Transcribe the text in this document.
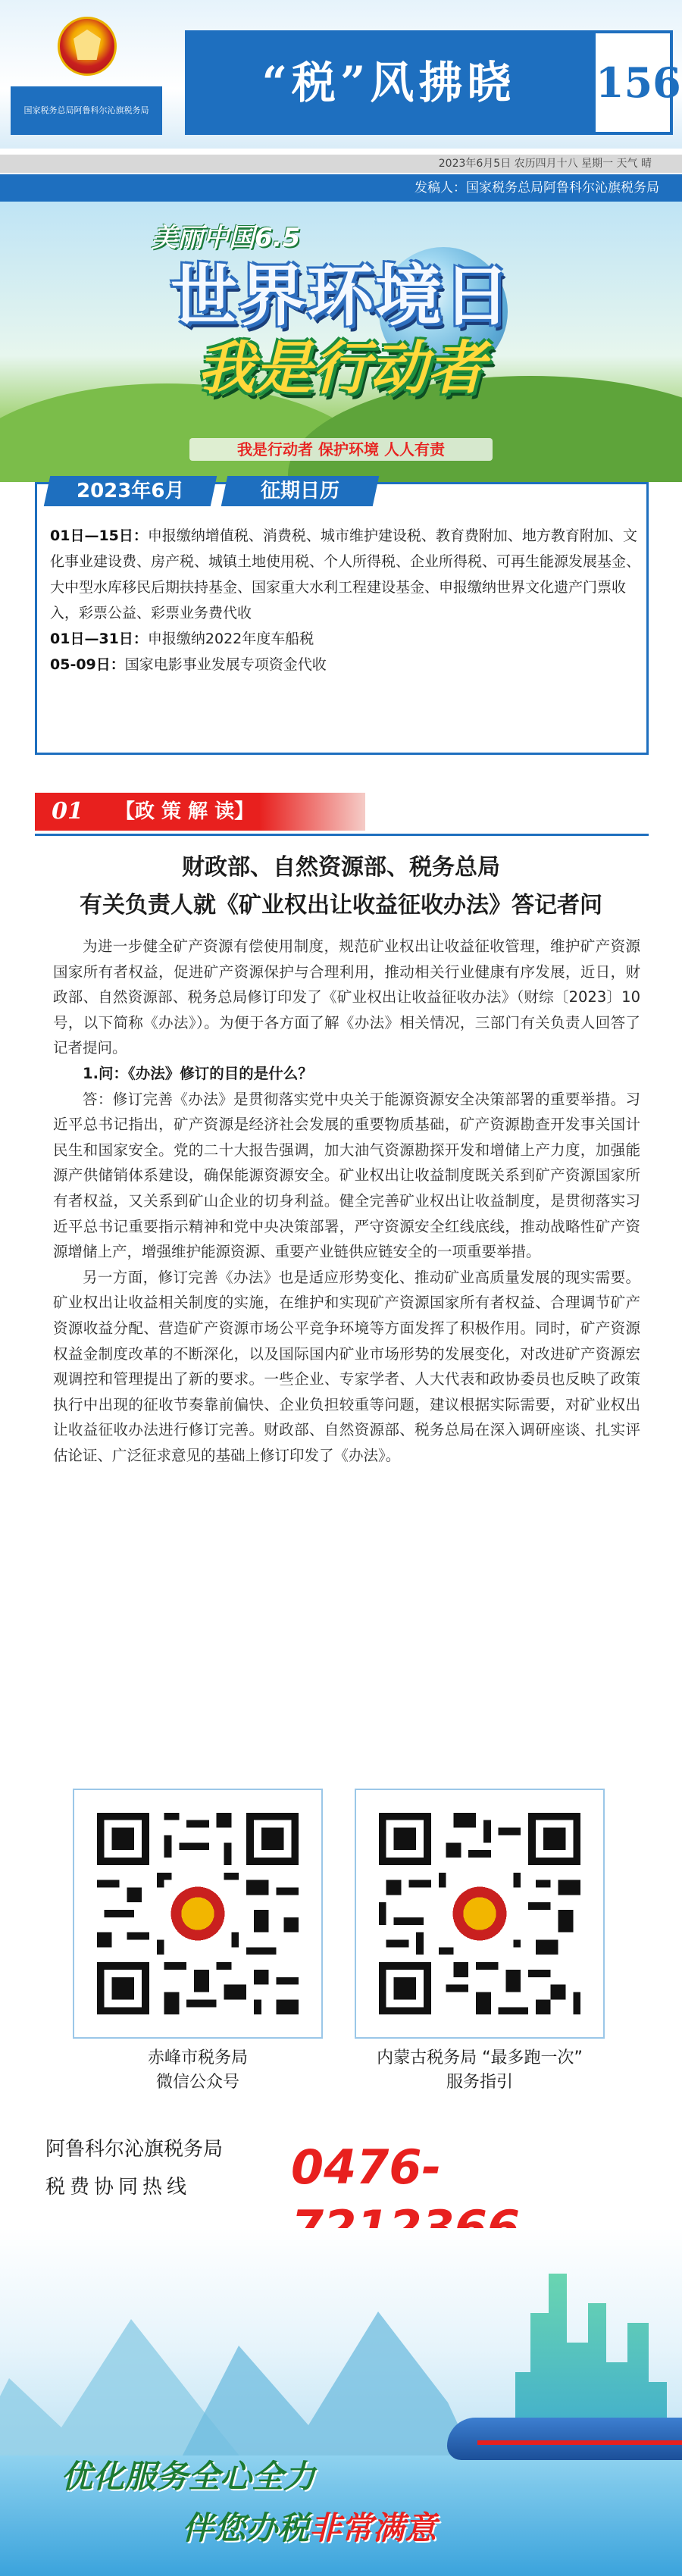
国家税务总局阿鲁科尔沁旗税务局
“税”风拂晓	156
2023年6月5日 农历四月十八 星期一 天气 晴
发稿人：国家税务总局阿鲁科尔沁旗税务局
美丽中国6.5
世界环境日
我是行动者
我是行动者 保护环境 人人有责
2023年6月	征期日历

01日—15日：申报缴纳增值税、消费税、城市维护建设税、教育费附加、地方教育附加、文化事业建设费、房产税、城镇土地使用税、个人所得税、企业所得税、可再生能源发展基金、大中型水库移民后期扶持基金、国家重大水利工程建设基金、申报缴纳世界文化遗产门票收入，彩票公益、彩票业务费代收

01日—31日：申报缴纳2022年度车船税

05-09日：国家电影事业发展专项资金代收

01	【政 策 解 读】
财政部、自然资源部、税务总局
有关负责人就《矿业权出让收益征收办法》答记者问

为进一步健全矿产资源有偿使用制度，规范矿业权出让收益征收管理，维护矿产资源国家所有者权益，促进矿产资源保护与合理利用，推动相关行业健康有序发展，近日，财政部、自然资源部、税务总局修订印发了《矿业权出让收益征收办法》（财综〔2023〕10号，以下简称《办法》）。为便于各方面了解《办法》相关情况，三部门有关负责人回答了记者提问。

1.问：《办法》修订的目的是什么？

答：修订完善《办法》是贯彻落实党中央关于能源资源安全决策部署的重要举措。习近平总书记指出，矿产资源是经济社会发展的重要物质基础，矿产资源勘查开发事关国计民生和国家安全。党的二十大报告强调，加大油气资源勘探开发和增储上产力度，加强能源产供储销体系建设，确保能源资源安全。矿业权出让收益制度既关系到矿产资源国家所有者权益，又关系到矿山企业的切身利益。健全完善矿业权出让收益制度，是贯彻落实习近平总书记重要指示精神和党中央决策部署，严守资源安全红线底线，推动战略性矿产资源增储上产，增强维护能源资源、重要产业链供应链安全的一项重要举措。

另一方面，修订完善《办法》也是适应形势变化、推动矿业高质量发展的现实需要。矿业权出让收益相关制度的实施，在维护和实现矿产资源国家所有者权益、合理调节矿产资源收益分配、营造矿产资源市场公平竞争环境等方面发挥了积极作用。同时，矿产资源权益金制度改革的不断深化，以及国际国内矿业市场形势的发展变化，对改进矿产资源宏观调控和管理提出了新的要求。一些企业、专家学者、人大代表和政协委员也反映了政策执行中出现的征收节奏靠前偏快、企业负担较重等问题，建议根据实际需要，对矿业权出让收益征收办法进行修订完善。财政部、自然资源部、税务总局在深入调研座谈、扎实评估论证、广泛征求意见的基础上修订印发了《办法》。

赤峰市税务局
微信公众号
内蒙古税务局 “最多跑一次”
服务指引
阿鲁科尔沁旗税务局
税费协同热线	0476-
优化服务全心全力
伴您办税非常满意
